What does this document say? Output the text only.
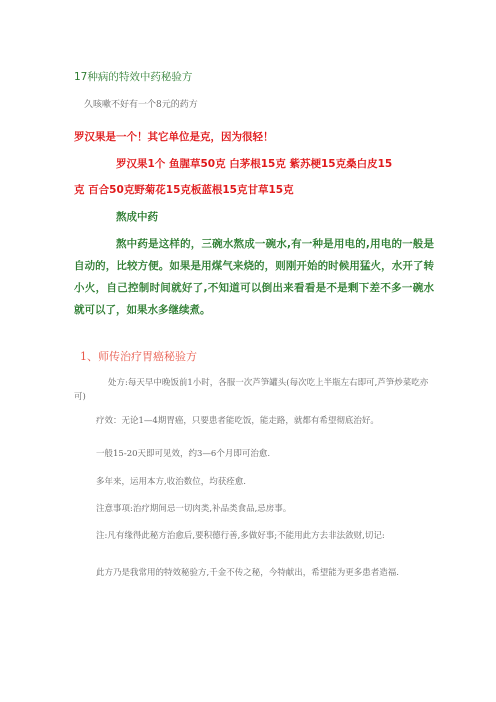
17种病的特效中药秘验方
久咳嗽不好有一个8元的药方
罗汉果是一个！其它单位是克，因为很轻！
罗汉果1个 鱼腥草50克 白茅根15克 紫苏梗15克桑白皮15
克 百合50克野菊花15克板蓝根15克甘草15克
熬成中药
熬中药是这样的，三碗水熬成一碗水,有一种是用电的,用电的一般是自动的，比较方便。如果是用煤气来烧的，则刚开始的时候用猛火，水开了转小火，自己控制时间就好了,不知道可以倒出来看看是不是剩下差不多一碗水就可以了，如果水多继续煮。
1、师传治疗胃癌秘验方
处方:每天早中晚饭前1小时，各服一次芦笋罐头(每次吃上半瓶左右即可,芦笋炒菜吃亦可)
疗效：无论1—4期胃癌，只要患者能吃饭，能走路，就都有希望彻底治好。
一般15-20天即可见效，约3—6个月即可治愈.
多年来，运用本方,收治数位，均获痊愈.
注意事项:治疗期间忌一切肉类,补品类食品,忌房事。
注:凡有缘得此秘方治愈后,要积德行善,多做好事;不能用此方去非法敛财,切记:
此方乃是我常用的特效秘验方,千金不传之秘，今特献出，希望能为更多患者造福.
